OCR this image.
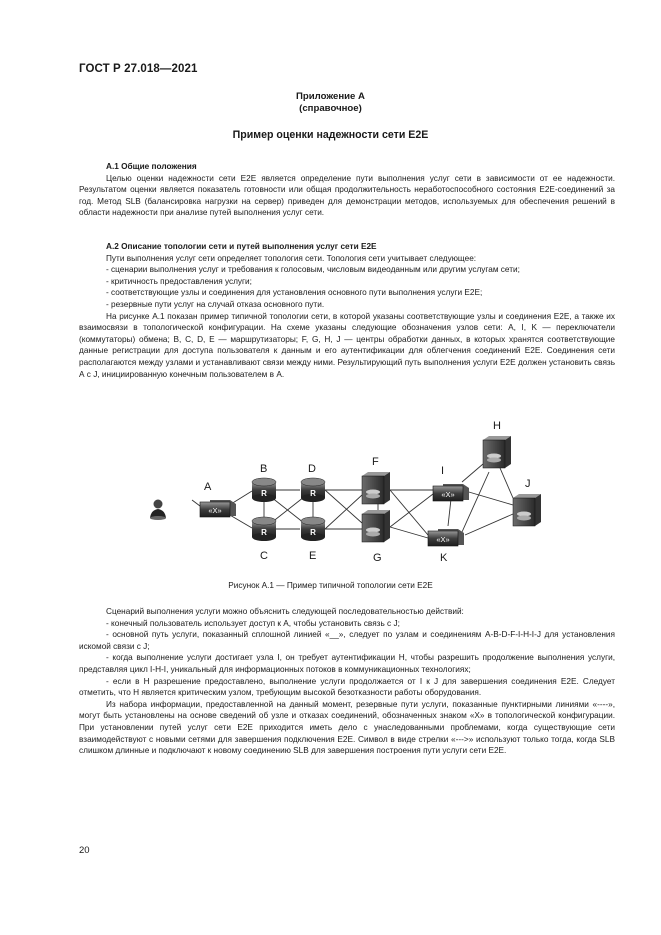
ГОСТ Р 27.018—2021
Приложение А
(справочное)
Пример оценки надежности сети E2E

А.1 Общие положения

Целью оценки надежности сети E2E является определение пути выполнения услуг сети в зависимости от ее надежности. Результатом оценки является показатель готовности или общая продолжительность неработоспособного состояния E2E-соединений за год. Метод SLB (балансировка нагрузки на сервер) приведен для демонстрации методов, используемых для обеспечения решений в области надежности при анализе путей выполнения услуг сети.

А.2 Описание топологии сети и путей выполнения услуг сети E2E

Пути выполнения услуг сети определяет топология сети. Топология сети учитывает следующее:

- сценарии выполнения услуг и требования к голосовым, числовым видеоданным или другим услугам сети;

- критичность предоставления услуги;

- соответствующие узлы и соединения для установления основного пути выполнения услуги E2E;

- резервные пути услуг на случай отказа основного пути.

На рисунке А.1 показан пример типичной топологии сети, в которой указаны соответствующие узлы и соединения E2E, а также их взаимосвязи в топологической конфигурации. На схеме указаны следующие обозначения узлов сети: A, I, K — переключатели (коммутаторы) обмена; B, C, D, E — маршрутизаторы; F, G, H, J — центры обработки данных, в которых хранятся соответствующие данные регистрации для доступа пользователя к данным и его аутентификации для облегчения соединений E2E. Соединения сети располагаются между узлами и устанавливают связи между ними. Результирующий путь выполнения услуги E2E должен установить связь А с J, инициированную конечным пользователем в А.

«X»
A
R
B
R
C
R
D
R
E
F
G
H
J
«X»
I
«X»
K
Рисунок А.1 — Пример типичной топологии сети E2E

Сценарий выполнения услуги можно объяснить следующей последовательностью действий:

- конечный пользователь использует доступ к А, чтобы установить связь с J;

- основной путь услуги, показанный сплошной линией «__», следует по узлам и соединениям A-B-D-F-I-H-I-J для установления искомой связи с J;

- когда выполнение услуги достигает узла I, он требует аутентификации H, чтобы разрешить продолжение выполнения услуги, представляя цикл I-H-I, уникальный для информационных потоков в коммуникационных технологиях;

- если в H разрешение предоставлено, выполнение услуги продолжается от I к J для завершения соединения E2E. Следует отметить, что H является критическим узлом, требующим высокой безотказности работы оборудования.

Из набора информации, предоставленной на данный момент, резервные пути услуги, показанные пунктирными линиями «----», могут быть установлены на основе сведений об узле и отказах соединений, обозначенных знаком «X» в топологической конфигурации. При установлении путей услуг сети E2E приходится иметь дело с унаследованными проблемами, когда существующие сети взаимодействуют с новыми сетями для завершения подключения E2E. Символ в виде стрелки «--->» используют только тогда, когда SLB слишком длинные и подключают к новому соединению SLB для завершения построения пути услуги сети E2E.

20
